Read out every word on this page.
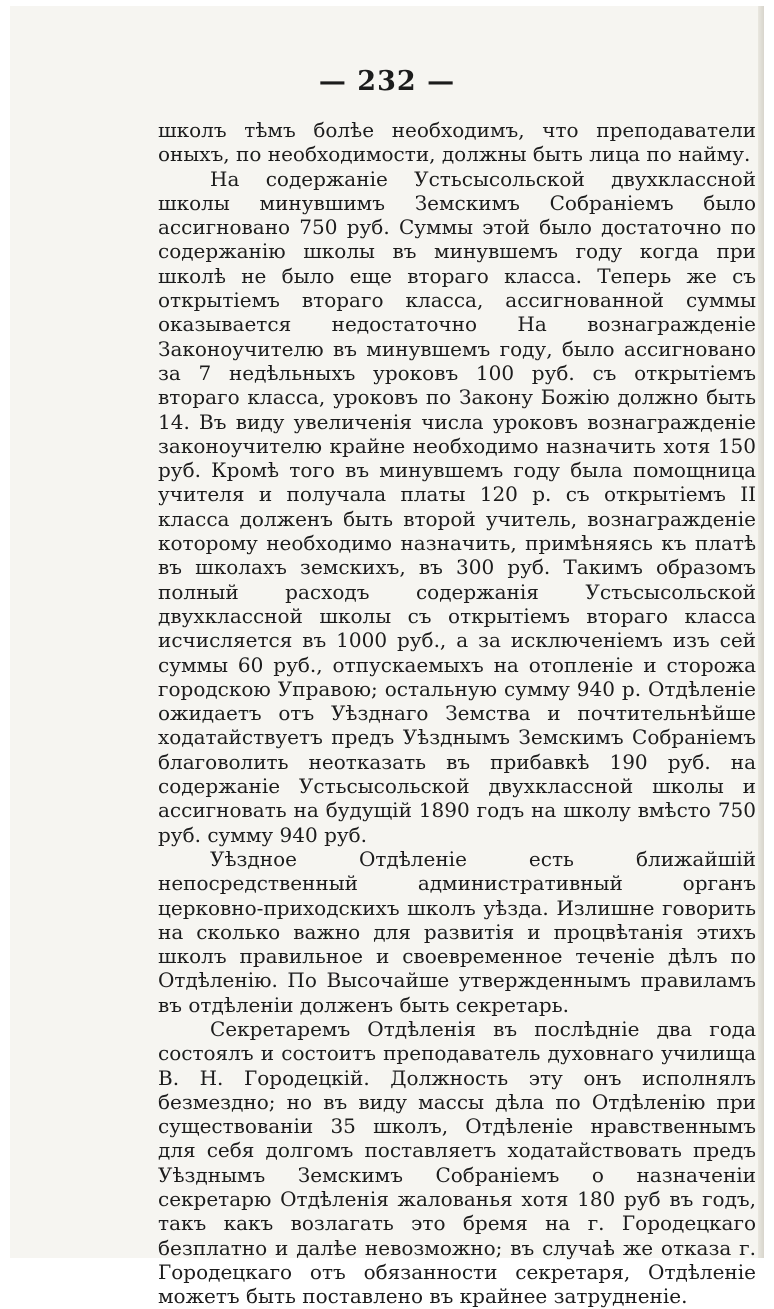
— 232 —

школъ тѣмъ болѣе необходимъ, что преподаватели оныхъ, по необходимости, должны быть лица по найму.

На содержаніе Устьсысольской двухклассной школы минувшимъ Земскимъ Собраніемъ было ассигновано 750 руб. Суммы этой было достаточно по содержанію школы въ минувшемъ году когда при школѣ не было еще втораго класса. Теперь же съ открытіемъ втораго класса, ассигнованной суммы оказывается недостаточно На вознагражденіе Законоучителю въ минувшемъ году, было ассигновано за 7 недѣльныхъ уроковъ 100 руб. съ открытіемъ втораго класса, уроковъ по Закону Божію должно быть 14. Въ виду увеличенія числа уроковъ вознагражденіе законоучителю крайне необходимо назначить хотя 150 руб. Кромѣ того въ минувшемъ году была помощница учителя и получала платы 120 р. съ открытіемъ II класса долженъ быть второй учитель, вознагражденіе которому необходимо назначить, примѣняясь къ платѣ въ школахъ земскихъ, въ 300 руб. Такимъ образомъ полный расходъ содержанія Устьсысольской двухклассной школы съ открытіемъ втораго класса исчисляется въ 1000 руб., а за исключеніемъ изъ сей суммы 60 руб., отпускаемыхъ на отопленіе и сторожа городскою Управою; остальную сумму 940 р. Отдѣленіе ожидаетъ отъ Уѣзднаго Земства и почтительнѣйше ходатайствуетъ предъ Уѣзднымъ Земскимъ Собраніемъ благоволить неотказать въ прибавкѣ 190 руб. на содержаніе Устьсысольской двухклассной школы и ассигновать на будущій 1890 годъ на школу вмѣсто 750 руб. сумму 940 руб.

Уѣздное Отдѣленіе есть ближайшій непосредственный административный органъ церковно-приходскихъ школъ уѣзда. Излишне говорить на сколько важно для развитія и процвѣтанія этихъ школъ правильное и своевременное теченіе дѣлъ по Отдѣленію. По Высочайше утвержденнымъ правиламъ въ отдѣленіи долженъ быть секретарь.

Секретаремъ Отдѣленія въ послѣдніе два года состоялъ и состоитъ преподаватель духовнаго училища В. Н. Городецкій. Должность эту онъ исполнялъ безмездно; но въ виду массы дѣла по Отдѣленію при существованіи 35 школъ, Отдѣленіе нравственнымъ для себя долгомъ поставляетъ ходатайствовать предъ Уѣзднымъ Земскимъ Собраніемъ о назначеніи секретарю Отдѣленія жалованья хотя 180 руб въ годъ, такъ какъ возлагать это бремя на г. Городецкаго безплатно и далѣе невозможно; въ случаѣ же отказа г. Городецкаго отъ обязанности секретаря, Отдѣленіе можетъ быть поставлено въ крайнее затрудненіе.
